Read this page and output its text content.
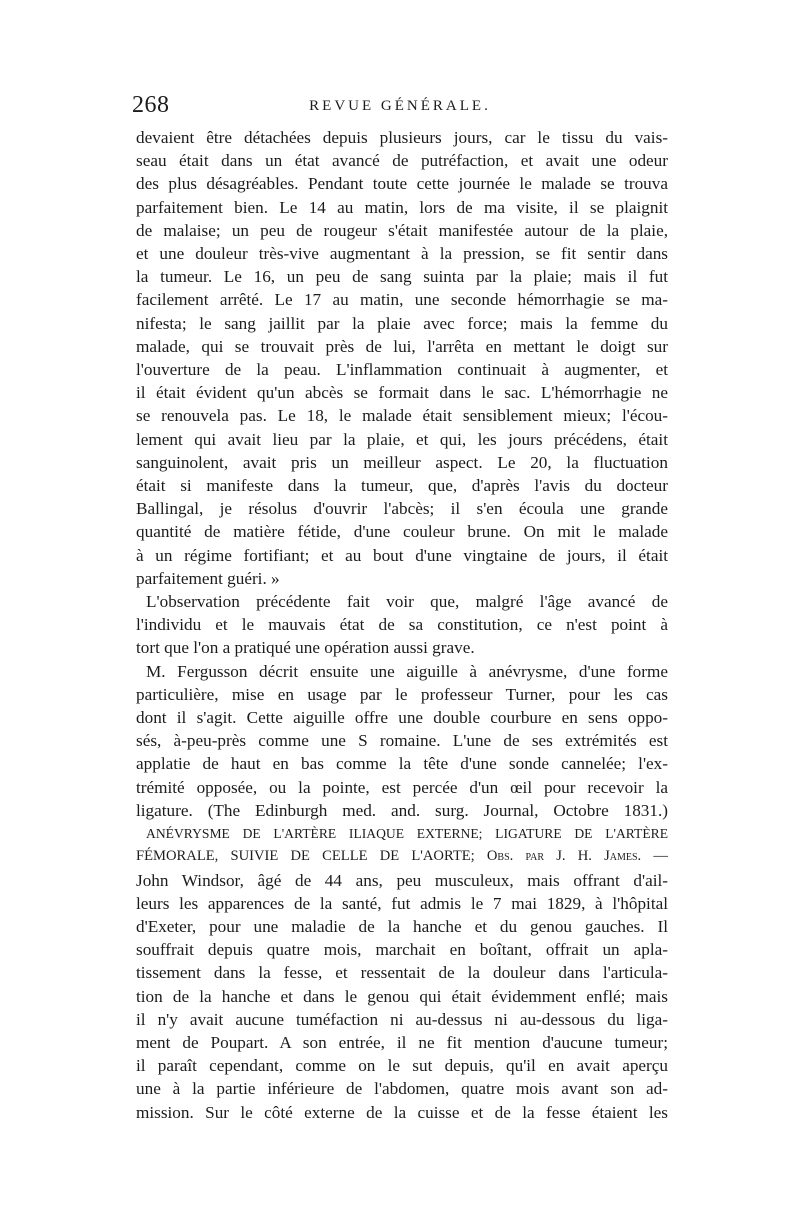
268	REVUE GÉNÉRALE.
devaient être détachées depuis plusieurs jours, car le tissu du vais-
seau était dans un état avancé de putréfaction, et avait une odeur
des plus désagréables. Pendant toute cette journée le malade se trouva
parfaitement bien. Le 14 au matin, lors de ma visite, il se plaignit
de malaise; un peu de rougeur s'était manifestée autour de la plaie,
et une douleur très-vive augmentant à la pression, se fit sentir dans
la tumeur. Le 16, un peu de sang suinta par la plaie; mais il fut
facilement arrêté. Le 17 au matin, une seconde hémorrhagie se ma-
nifesta; le sang jaillit par la plaie avec force; mais la femme du
malade, qui se trouvait près de lui, l'arrêta en mettant le doigt sur
l'ouverture de la peau. L'inflammation continuait à augmenter, et
il était évident qu'un abcès se formait dans le sac. L'hémorrhagie ne
se renouvela pas. Le 18, le malade était sensiblement mieux; l'écou-
lement qui avait lieu par la plaie, et qui, les jours précédens, était
sanguinolent, avait pris un meilleur aspect. Le 20, la fluctuation
était si manifeste dans la tumeur, que, d'après l'avis du docteur
Ballingal, je résolus d'ouvrir l'abcès; il s'en écoula une grande
quantité de matière fétide, d'une couleur brune. On mit le malade
à un régime fortifiant; et au bout d'une vingtaine de jours, il était
parfaitement guéri. »
L'observation précédente fait voir que, malgré l'âge avancé de
l'individu et le mauvais état de sa constitution, ce n'est point à
tort que l'on a pratiqué une opération aussi grave.
M. Fergusson décrit ensuite une aiguille à anévrysme, d'une forme
particulière, mise en usage par le professeur Turner, pour les cas
dont il s'agit. Cette aiguille offre une double courbure en sens oppo-
sés, à-peu-près comme une S romaine. L'une de ses extrémités est
applatie de haut en bas comme la tête d'une sonde cannelée; l'ex-
trémité opposée, ou la pointe, est percée d'un œil pour recevoir la
ligature. (The Edinburgh med. and. surg. Journal, Octobre 1831.)
ANÉVRYSME DE L'ARTÈRE ILIAQUE EXTERNE; LIGATURE DE L'ARTÈRE
FÉMORALE, SUIVIE DE CELLE DE L'AORTE; Obs. par J. H. James. —
John Windsor, âgé de 44 ans, peu musculeux, mais offrant d'ail-
leurs les apparences de la santé, fut admis le 7 mai 1829, à l'hôpital
d'Exeter, pour une maladie de la hanche et du genou gauches. Il
souffrait depuis quatre mois, marchait en boîtant, offrait un apla-
tissement dans la fesse, et ressentait de la douleur dans l'articula-
tion de la hanche et dans le genou qui était évidemment enflé; mais
il n'y avait aucune tuméfaction ni au-dessus ni au-dessous du liga-
ment de Poupart. A son entrée, il ne fit mention d'aucune tumeur;
il paraît cependant, comme on le sut depuis, qu'il en avait aperçu
une à la partie inférieure de l'abdomen, quatre mois avant son ad-
mission. Sur le côté externe de la cuisse et de la fesse étaient les
